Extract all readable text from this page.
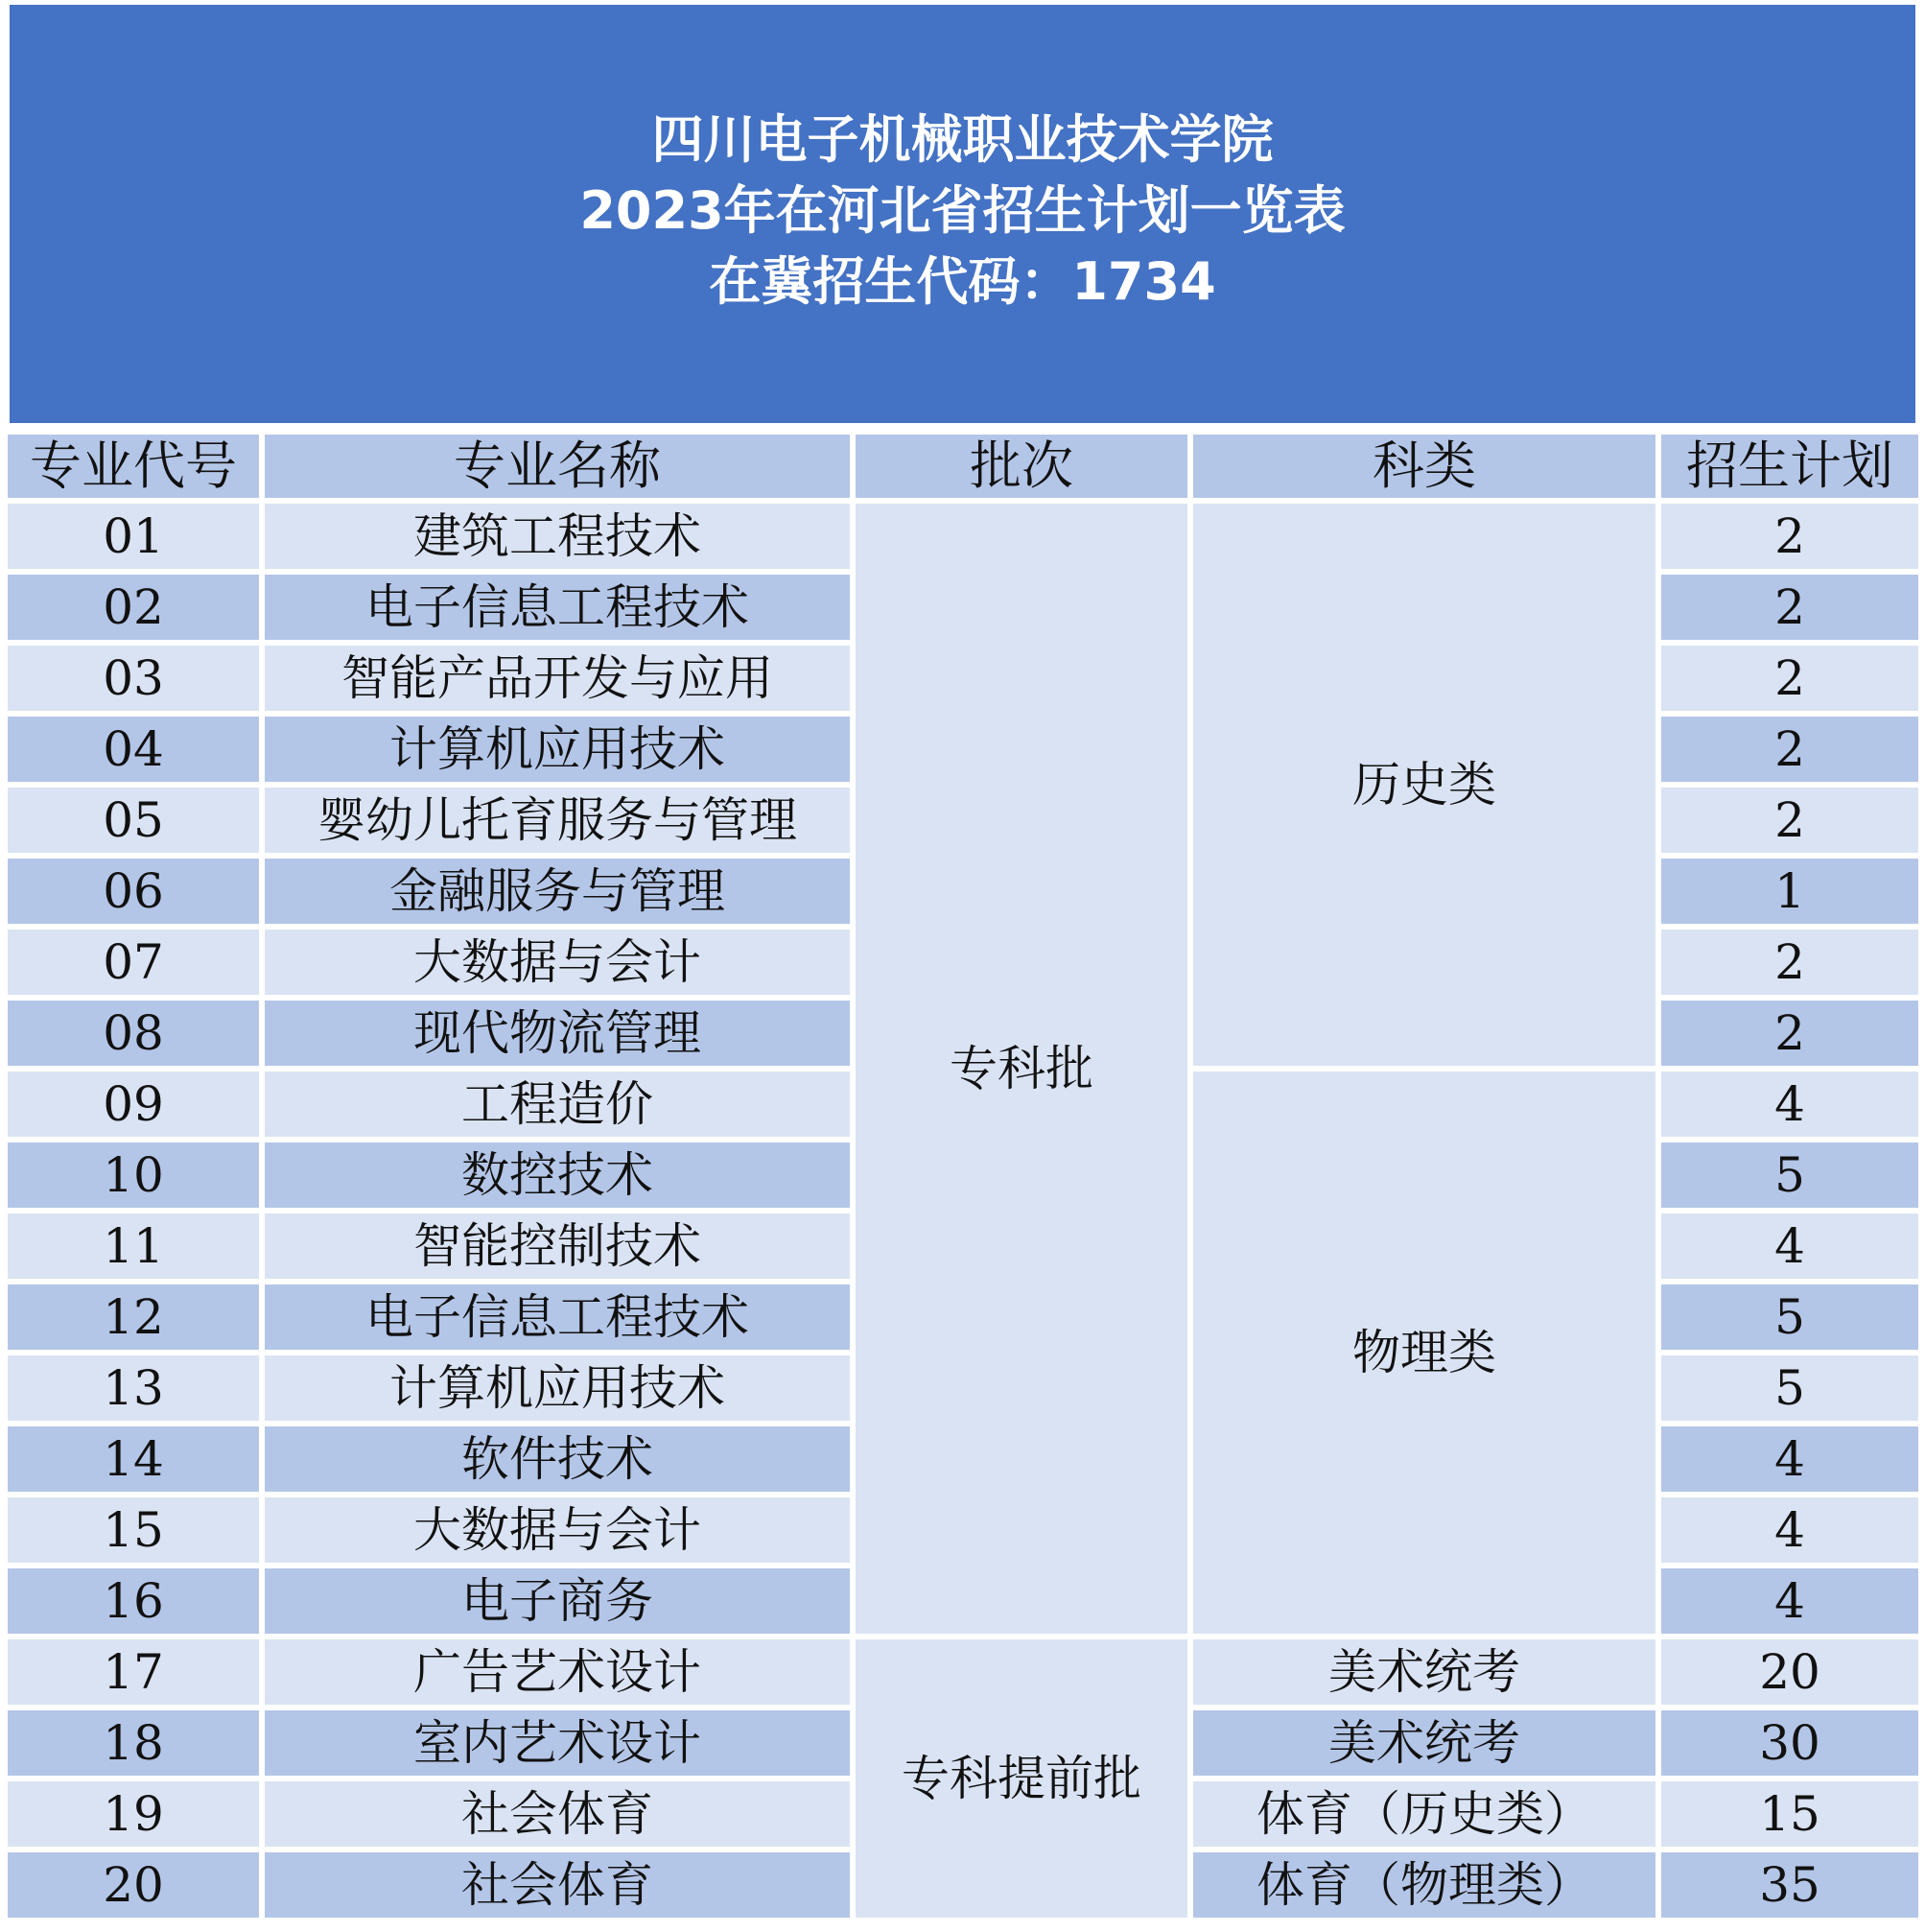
四川电子机械职业技术学院
2023年在河北省招生计划一览表
在冀招生代码：1734
专业代号	专业名称	批次	科类	招生计划
01	建筑工程技术	专科批	历史类	2
02	电子信息工程技术			2
03	智能产品开发与应用			2
04	计算机应用技术			2
05	婴幼儿托育服务与管理			2
06	金融服务与管理			1
07	大数据与会计			2
08	现代物流管理			2
09	工程造价		物理类	4
10	数控技术			5
11	智能控制技术			4
12	电子信息工程技术			5
13	计算机应用技术			5
14	软件技术			4
15	大数据与会计			4
16	电子商务			4
17	广告艺术设计	专科提前批	美术统考	20
18	室内艺术设计		美术统考	30
19	社会体育		体育（历史类）	15
20	社会体育		体育（物理类）	35
